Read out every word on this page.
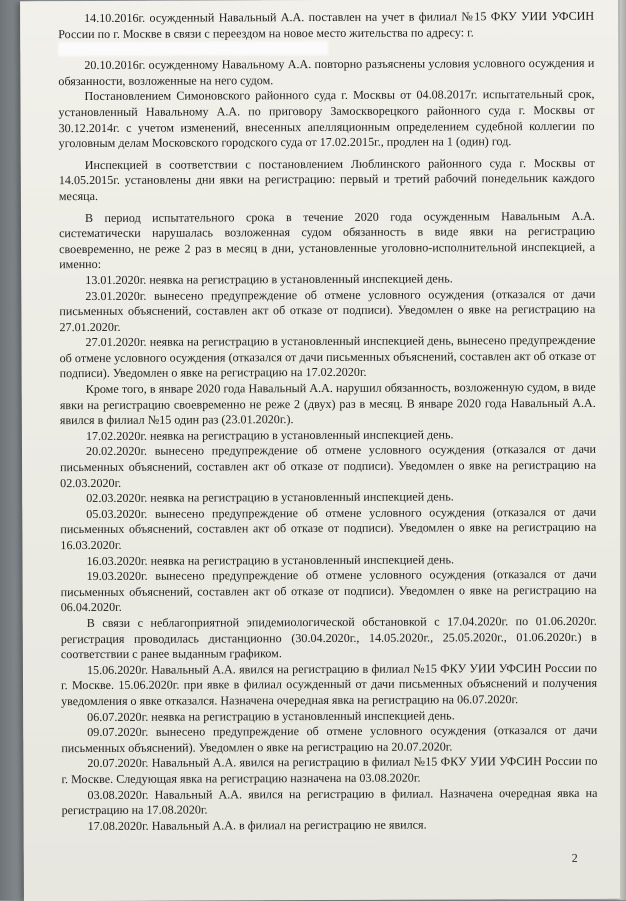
14.10.2016г. осужденный Навальный А.А. поставлен на учет в филиал №15 ФКУ УИИ УФСИН России по г. Москве в связи с переездом на новое место жительства по адресу: г.

20.10.2016г. осужденному Навальному А.А. повторно разъяснены условия условного осуждения и обязанности, возложенные на него судом.

Постановлением Симоновского районного суда г. Москвы от 04.08.2017г. испытательный срок, установленный Навальному А.А. по приговору Замоскворецкого районного суда г. Москвы от 30.12.2014г. с учетом изменений, внесенных апелляционным определением судебной коллегии по уголовным делам Московского городского суда от 17.02.2015г., продлен на 1 (один) год.

Инспекцией в соответствии с постановлением Люблинского районного суда г. Москвы от 14.05.2015г. установлены дни явки на регистрацию: первый и третий рабочий понедельник каждого месяца.

В период испытательного срока в течение 2020 года осужденным Навальным А.А. систематически нарушалась возложенная судом обязанность в виде явки на регистрацию своевременно, не реже 2 раз в месяц в дни, установленные уголовно-исполнительной инспекцией, а именно:

13.01.2020г. неявка на регистрацию в установленный инспекцией день.

23.01.2020г. вынесено предупреждение об отмене условного осуждения (отказался от дачи письменных объяснений, составлен акт об отказе от подписи). Уведомлен о явке на регистрацию на 27.01.2020г.

27.01.2020г. неявка на регистрацию в установленный инспекцией день, вынесено предупреждение об отмене условного осуждения (отказался от дачи письменных объяснений, составлен акт об отказе от подписи). Уведомлен о явке на регистрацию на 17.02.2020г.

Кроме того, в январе 2020 года Навальный А.А. нарушил обязанность, возложенную судом, в виде явки на регистрацию своевременно не реже 2 (двух) раз в месяц. В январе 2020 года Навальный А.А. явился в филиал №15 один раз (23.01.2020г.).

17.02.2020г. неявка на регистрацию в установленный инспекцией день.

20.02.2020г. вынесено предупреждение об отмене условного осуждения (отказался от дачи письменных объяснений, составлен акт об отказе от подписи). Уведомлен о явке на регистрацию на 02.03.2020г.

02.03.2020г. неявка на регистрацию в установленный инспекцией день.

05.03.2020г. вынесено предупреждение об отмене условного осуждения (отказался от дачи письменных объяснений, составлен акт об отказе от подписи). Уведомлен о явке на регистрацию на 16.03.2020г.

16.03.2020г. неявка на регистрацию в установленный инспекцией день.

19.03.2020г. вынесено предупреждение об отмене условного осуждения (отказался от дачи письменных объяснений, составлен акт об отказе от подписи). Уведомлен о явке на регистрацию на 06.04.2020г.

В связи с неблагоприятной эпидемиологической обстановкой с 17.04.2020г. по 01.06.2020г. регистрация проводилась дистанционно (30.04.2020г., 14.05.2020г., 25.05.2020г., 01.06.2020г.) в соответствии с ранее выданным графиком.

15.06.2020г. Навальный А.А. явился на регистрацию в филиал №15 ФКУ УИИ УФСИН России по г. Москве. 15.06.2020г. при явке в филиал осужденный от дачи письменных объяснений и получения уведомления о явке отказался. Назначена очередная явка на регистрацию на 06.07.2020г.

06.07.2020г. неявка на регистрацию в установленный инспекцией день.

09.07.2020г. вынесено предупреждение об отмене условного осуждения (отказался от дачи письменных объяснений). Уведомлен о явке на регистрацию на 20.07.2020г.

20.07.2020г. Навальный А.А. явился на регистрацию в филиал №15 ФКУ УИИ УФСИН России по г. Москве. Следующая явка на регистрацию назначена на 03.08.2020г.

03.08.2020г. Навальный А.А. явился на регистрацию в филиал. Назначена очередная явка на регистрацию на 17.08.2020г.

17.08.2020г. Навальный А.А. в филиал на регистрацию не явился.

2
